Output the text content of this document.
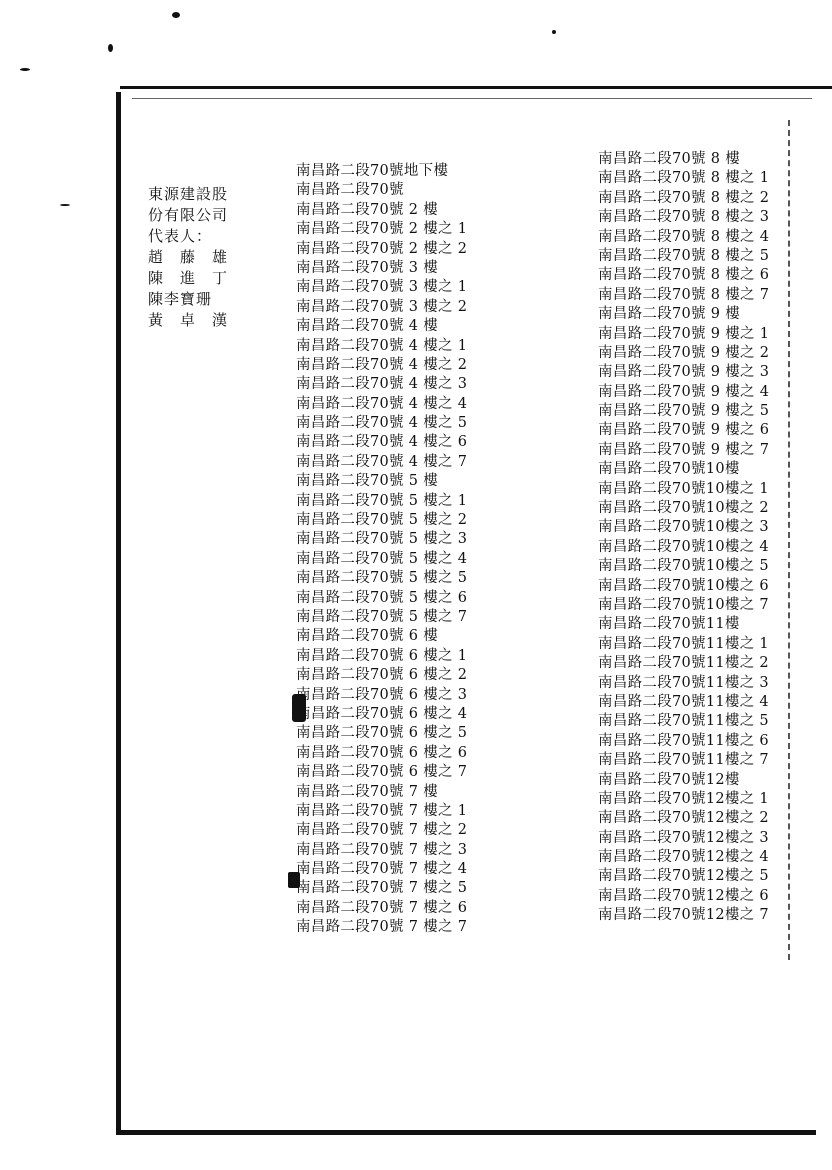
東源建設股
份有限公司
代表人：
趙　藤　雄
陳　進　丁
陳李寶珊
黃　卓　漢
南昌路二段70號地下樓
南昌路二段70號
南昌路二段70號 2 樓
南昌路二段70號 2 樓之 1
南昌路二段70號 2 樓之 2
南昌路二段70號 3 樓
南昌路二段70號 3 樓之 1
南昌路二段70號 3 樓之 2
南昌路二段70號 4 樓
南昌路二段70號 4 樓之 1
南昌路二段70號 4 樓之 2
南昌路二段70號 4 樓之 3
南昌路二段70號 4 樓之 4
南昌路二段70號 4 樓之 5
南昌路二段70號 4 樓之 6
南昌路二段70號 4 樓之 7
南昌路二段70號 5 樓
南昌路二段70號 5 樓之 1
南昌路二段70號 5 樓之 2
南昌路二段70號 5 樓之 3
南昌路二段70號 5 樓之 4
南昌路二段70號 5 樓之 5
南昌路二段70號 5 樓之 6
南昌路二段70號 5 樓之 7
南昌路二段70號 6 樓
南昌路二段70號 6 樓之 1
南昌路二段70號 6 樓之 2
南昌路二段70號 6 樓之 3
南昌路二段70號 6 樓之 4
南昌路二段70號 6 樓之 5
南昌路二段70號 6 樓之 6
南昌路二段70號 6 樓之 7
南昌路二段70號 7 樓
南昌路二段70號 7 樓之 1
南昌路二段70號 7 樓之 2
南昌路二段70號 7 樓之 3
南昌路二段70號 7 樓之 4
南昌路二段70號 7 樓之 5
南昌路二段70號 7 樓之 6
南昌路二段70號 7 樓之 7
南昌路二段70號 8 樓
南昌路二段70號 8 樓之 1
南昌路二段70號 8 樓之 2
南昌路二段70號 8 樓之 3
南昌路二段70號 8 樓之 4
南昌路二段70號 8 樓之 5
南昌路二段70號 8 樓之 6
南昌路二段70號 8 樓之 7
南昌路二段70號 9 樓
南昌路二段70號 9 樓之 1
南昌路二段70號 9 樓之 2
南昌路二段70號 9 樓之 3
南昌路二段70號 9 樓之 4
南昌路二段70號 9 樓之 5
南昌路二段70號 9 樓之 6
南昌路二段70號 9 樓之 7
南昌路二段70號10樓
南昌路二段70號10樓之 1
南昌路二段70號10樓之 2
南昌路二段70號10樓之 3
南昌路二段70號10樓之 4
南昌路二段70號10樓之 5
南昌路二段70號10樓之 6
南昌路二段70號10樓之 7
南昌路二段70號11樓
南昌路二段70號11樓之 1
南昌路二段70號11樓之 2
南昌路二段70號11樓之 3
南昌路二段70號11樓之 4
南昌路二段70號11樓之 5
南昌路二段70號11樓之 6
南昌路二段70號11樓之 7
南昌路二段70號12樓
南昌路二段70號12樓之 1
南昌路二段70號12樓之 2
南昌路二段70號12樓之 3
南昌路二段70號12樓之 4
南昌路二段70號12樓之 5
南昌路二段70號12樓之 6
南昌路二段70號12樓之 7
